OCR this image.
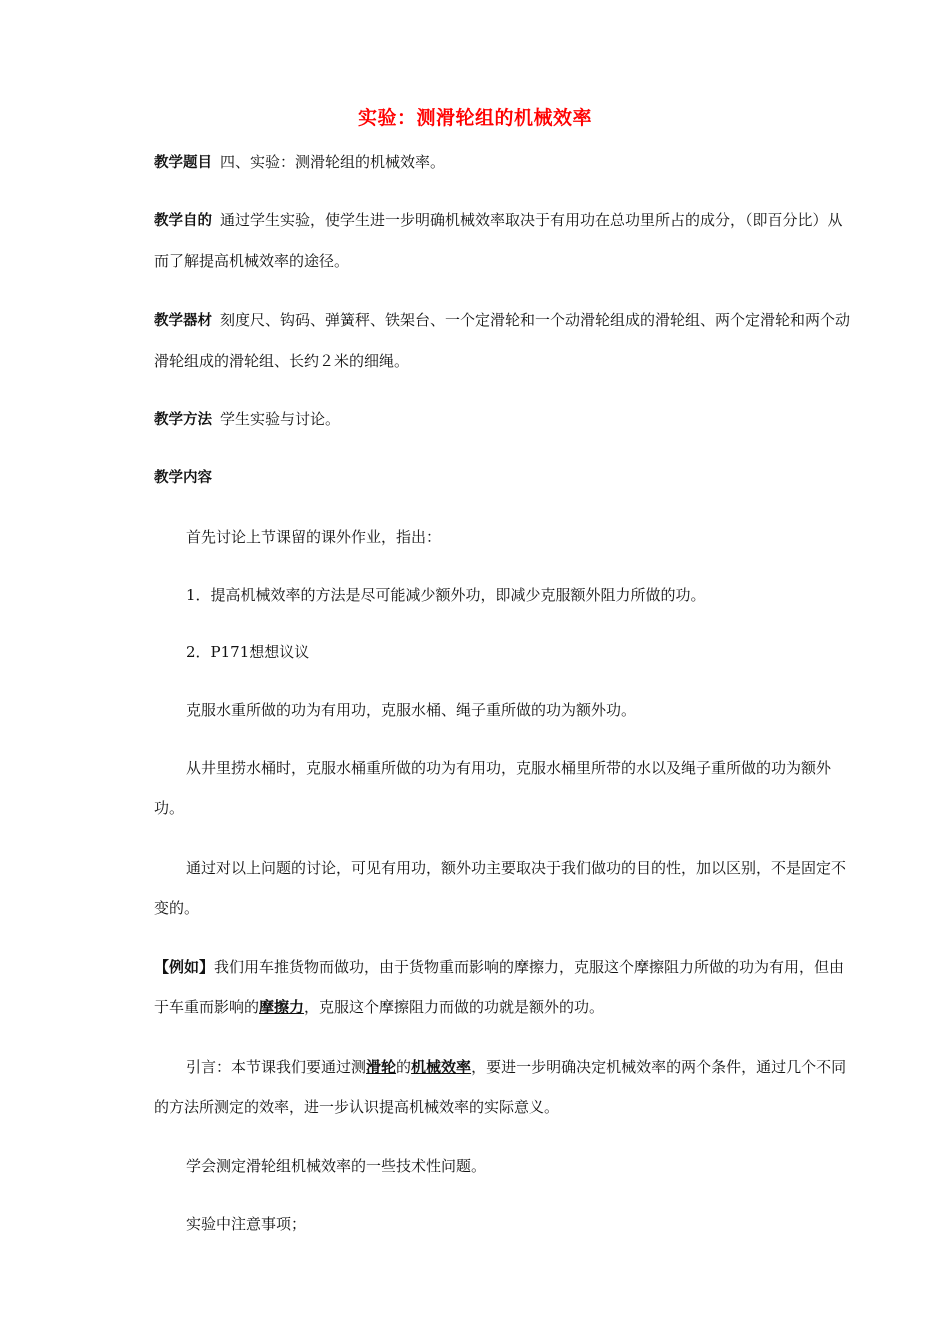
实验：测滑轮组的机械效率
教学题目 四、实验：测滑轮组的机械效率。
教学自的 通过学生实验，使学生进一步明确机械效率取决于有用功在总功里所占的成分，（即百分比）从而了解提高机械效率的途径。
教学器材 刻度尺、钩码、弹簧秤、铁架台、一个定滑轮和一个动滑轮组成的滑轮组、两个定滑轮和两个动滑轮组成的滑轮组、长约２米的细绳。
教学方法 学生实验与讨论。
教学内容
首先讨论上节课留的课外作业，指出：
1．提高机械效率的方法是尽可能减少额外功，即减少克服额外阻力所做的功。
2．P171想想议议
克服水重所做的功为有用功，克服水桶、绳子重所做的功为额外功。
从井里捞水桶时，克服水桶重所做的功为有用功，克服水桶里所带的水以及绳子重所做的功为额外功。
通过对以上问题的讨论，可见有用功，额外功主要取决于我们做功的目的性，加以区别，不是固定不变的。
【例如】我们用车推货物而做功，由于货物重而影响的摩擦力，克服这个摩擦阻力所做的功为有用，但由于车重而影响的摩擦力，克服这个摩擦阻力而做的功就是额外的功。
引言：本节课我们要通过测滑轮的机械效率，要进一步明确决定机械效率的两个条件，通过几个不同的方法所测定的效率，进一步认识提高机械效率的实际意义。
学会测定滑轮组机械效率的一些技术性问题。
实验中注意事项；
